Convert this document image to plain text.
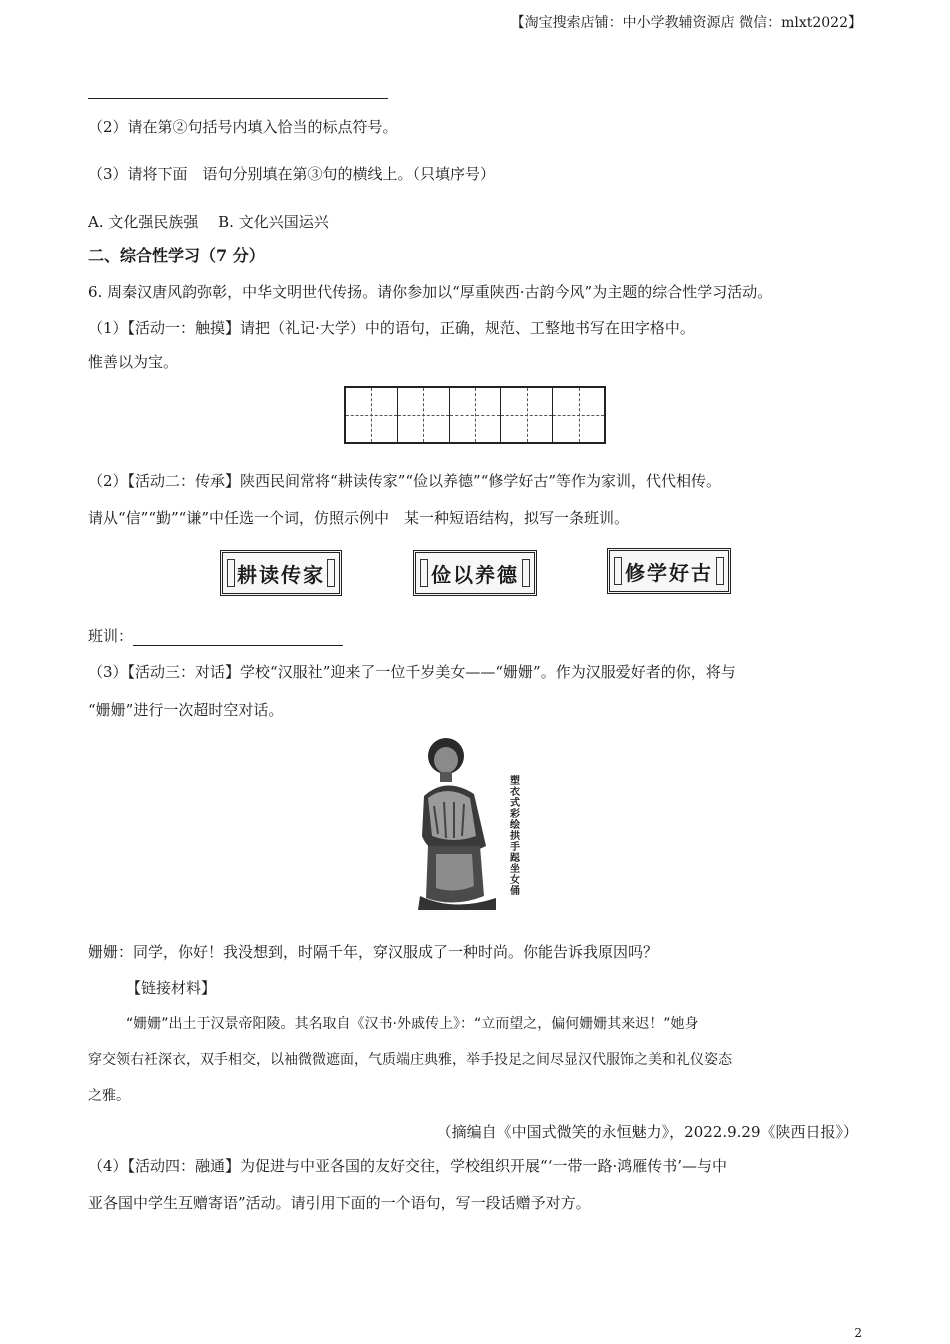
【淘宝搜索店铺：中小学教辅资源店 微信：mlxt2022】
（2）请在第②句括号内填入恰当的标点符号。
（3）请将下面　语句分别填在第③句的横线上。（只填序号）
A. 文化强民族强　 B. 文化兴国运兴
二、综合性学习（7 分）
6. 周秦汉唐风韵弥彰，中华文明世代传扬。请你参加以“厚重陕西·古韵今风”为主题的综合性学习活动。
（1）【活动一：触摸】请把（礼记·大学）中的语句，正确，规范、工整地书写在田字格中。
惟善以为宝。
（2）【活动二：传承】陕西民间常将“耕读传家”“俭以养德”“修学好古”等作为家训，代代相传。
请从“信”“勤”“谦”中任选一个词，仿照示例中　某一种短语结构，拟写一条班训。
耕读传家	俭以养德	修学好古
班训：
（3）【活动三：对话】学校“汉服社”迎来了一位千岁美女——“姗姗”。作为汉服爱好者的你，将与
“姗姗”进行一次超时空对话。
塑衣式彩绘拱手跽坐女俑
姗姗：同学，你好！我没想到，时隔千年，穿汉服成了一种时尚。你能告诉我原因吗？
【链接材料】
“姗姗”出土于汉景帝阳陵。其名取自《汉书·外戚传上》：“立而望之，偏何姗姗其来迟！”她身
穿交领右衽深衣，双手相交，以袖微微遮面，气质端庄典雅，举手投足之间尽显汉代服饰之美和礼仪姿态
之雅。
（摘编自《中国式微笑的永恒魅力》，2022.9.29《陕西日报》）
（4）【活动四：融通】为促进与中亚各国的友好交往，学校组织开展“‘一带一路·鸿雁传书’—与中
亚各国中学生互赠寄语”活动。请引用下面的一个语句，写一段话赠予对方。
2
